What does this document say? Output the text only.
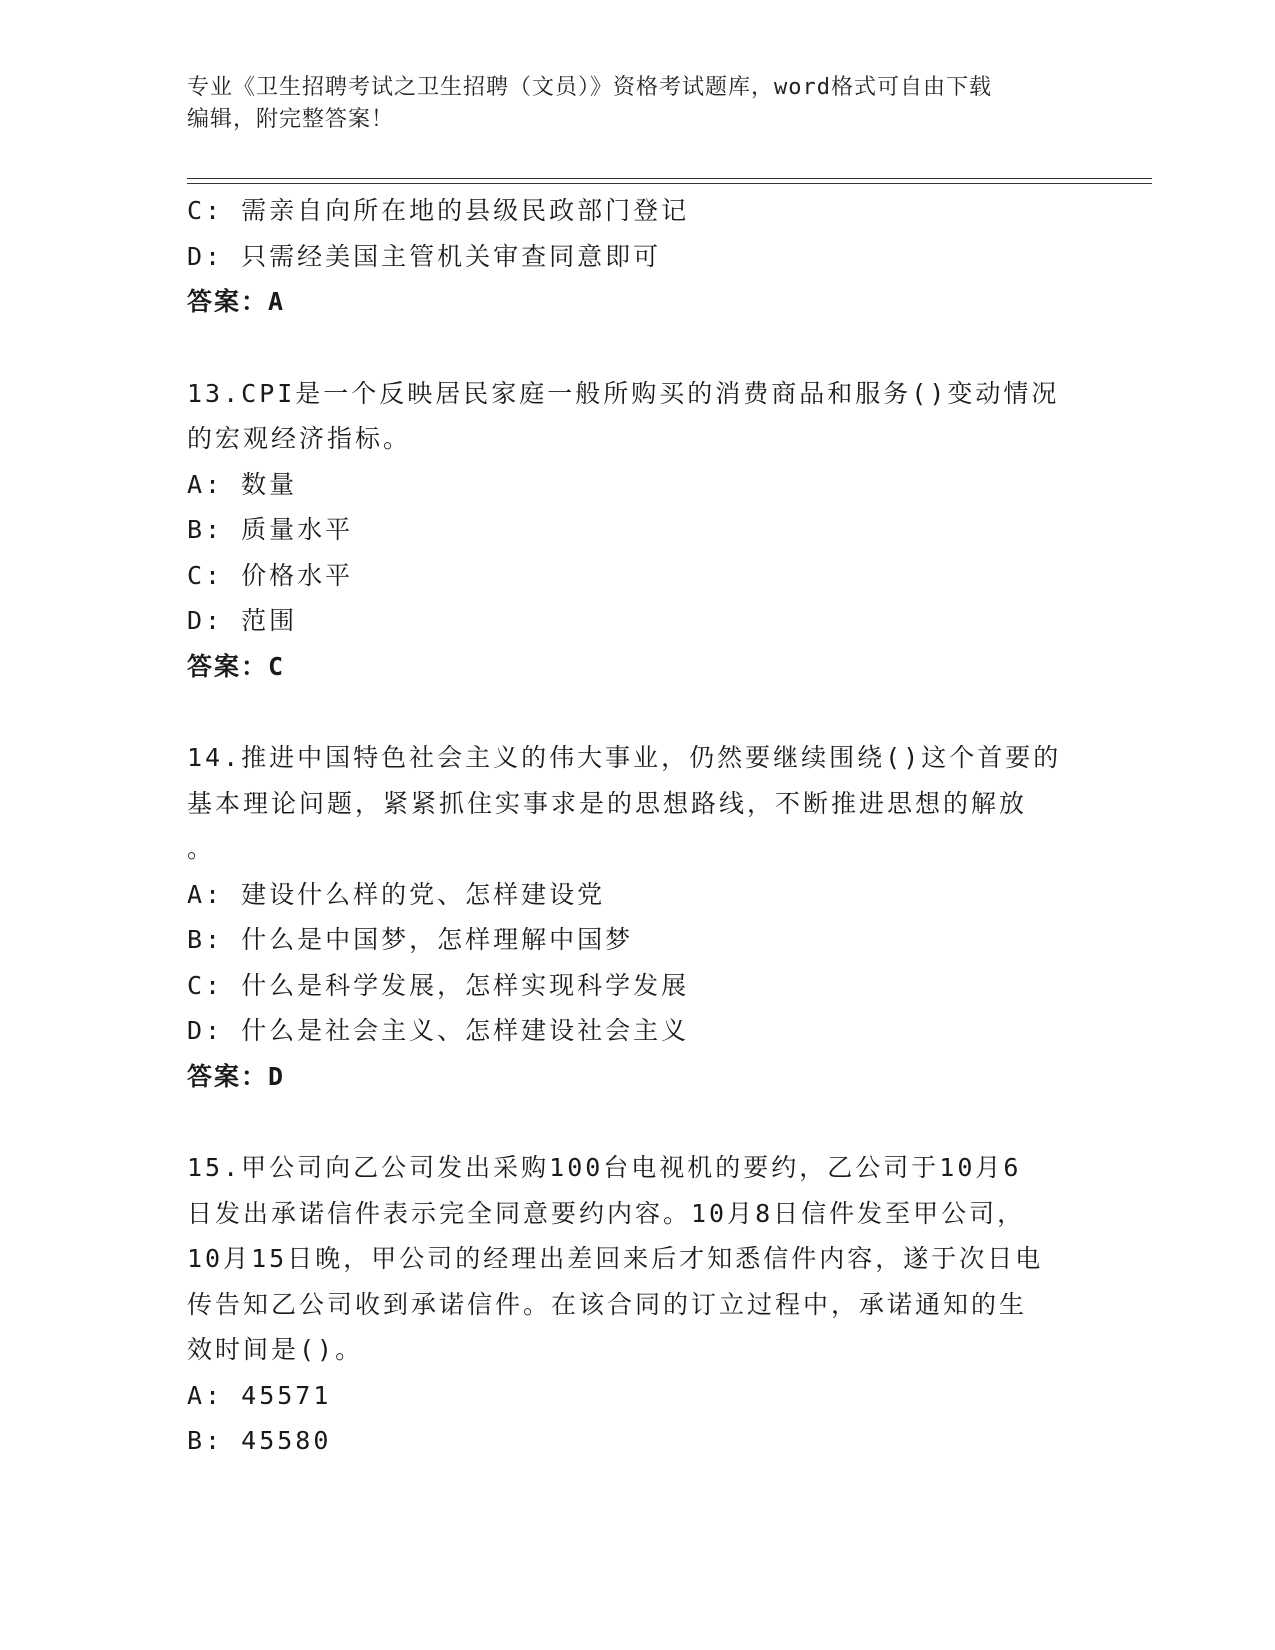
专业《卫生招聘考试之卫生招聘（文员）》资格考试题库，word格式可自由下载
编辑，附完整答案！
C: 需亲自向所在地的县级民政部门登记
D: 只需经美国主管机关审查同意即可
答案：A
13.CPI是一个反映居民家庭一般所购买的消费商品和服务()变动情况
的宏观经济指标。
A: 数量
B: 质量水平
C: 价格水平
D: 范围
答案：C
14.推进中国特色社会主义的伟大事业，仍然要继续围绕()这个首要的
基本理论问题，紧紧抓住实事求是的思想路线，不断推进思想的解放
。
A: 建设什么样的党、怎样建设党
B: 什么是中国梦，怎样理解中国梦
C: 什么是科学发展，怎样实现科学发展
D: 什么是社会主义、怎样建设社会主义
答案：D
15.甲公司向乙公司发出采购100台电视机的要约，乙公司于10月6
日发出承诺信件表示完全同意要约内容。10月8日信件发至甲公司，
10月15日晚，甲公司的经理出差回来后才知悉信件内容，遂于次日电
传告知乙公司收到承诺信件。在该合同的订立过程中，承诺通知的生
效时间是()。
A: 45571
B: 45580
